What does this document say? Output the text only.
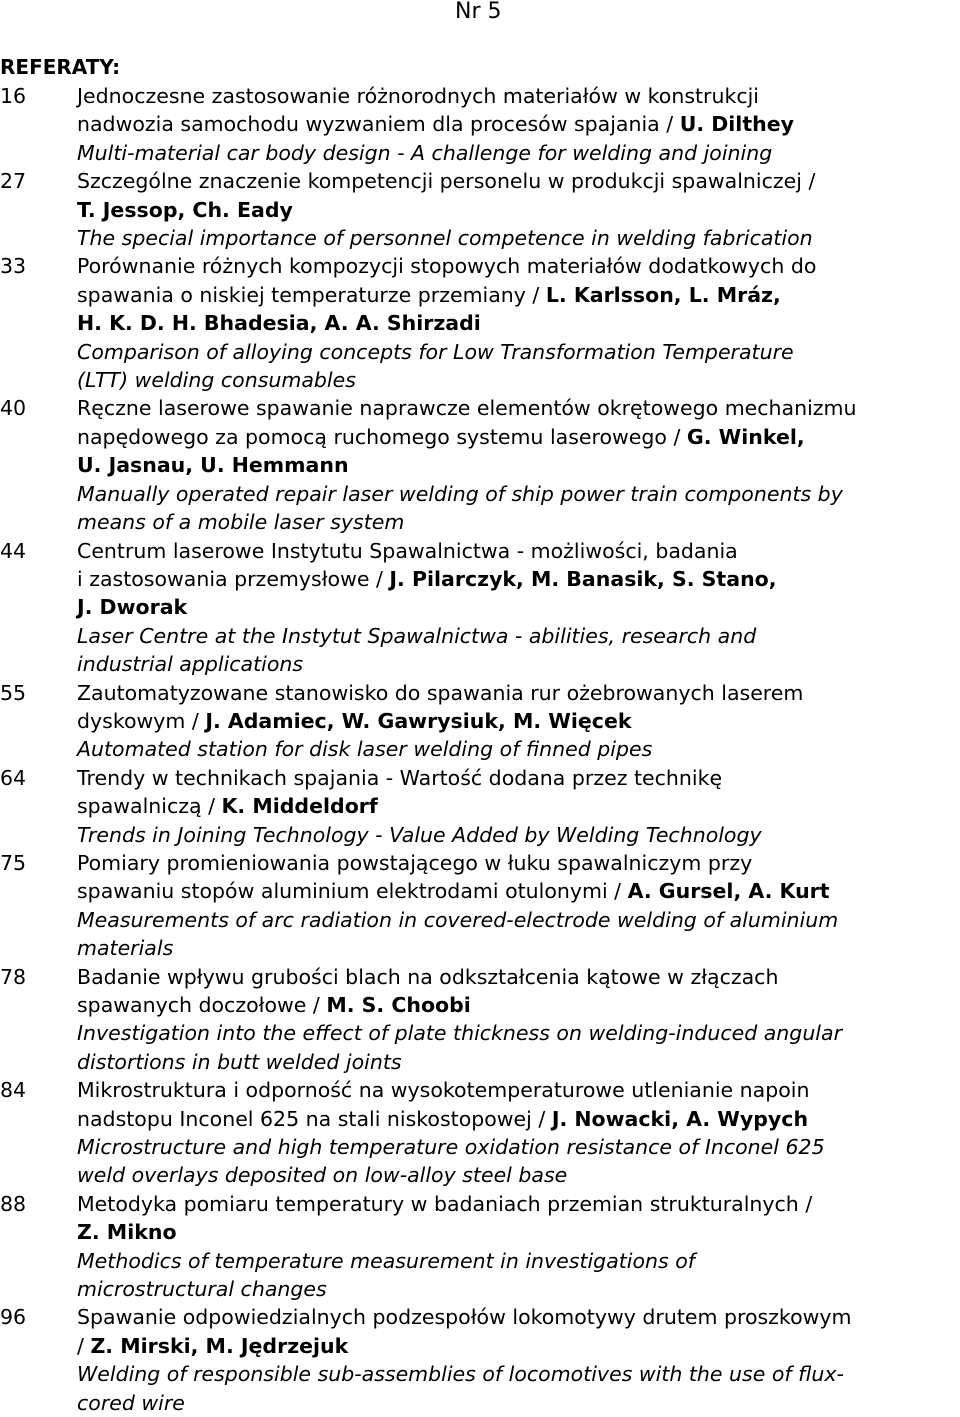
Nr 5
REFERATY:
16	Jednoczesne zastosowanie różnorodnych materiałów w konstrukcji
nadwozia samochodu wyzwaniem dla procesów spajania / U. Dilthey
Multi-material car body design - A challenge for welding and joining
27	Szczególne znaczenie kompetencji personelu w produkcji spawalniczej /
T. Jessop, Ch. Eady
The special importance of personnel competence in welding fabrication
33	Porównanie różnych kompozycji stopowych materiałów dodatkowych do
spawania o niskiej temperaturze przemiany / L. Karlsson, L. Mráz,
H. K. D. H. Bhadesia, A. A. Shirzadi
Comparison of alloying concepts for Low Transformation Temperature
(LTT) welding consumables
40	Ręczne laserowe spawanie naprawcze elementów okrętowego mechanizmu
napędowego za pomocą ruchomego systemu laserowego / G. Winkel,
U. Jasnau, U. Hemmann
Manually operated repair laser welding of ship power train components by
means of a mobile laser system
44	Centrum laserowe Instytutu Spawalnictwa - możliwości, badania
i zastosowania przemysłowe / J. Pilarczyk, M. Banasik, S. Stano,
J. Dworak
Laser Centre at the Instytut Spawalnictwa - abilities, research and
industrial applications
55	Zautomatyzowane stanowisko do spawania rur ożebrowanych laserem
dyskowym / J. Adamiec, W. Gawrysiuk, M. Więcek
Automated station for disk laser welding of finned pipes
64	Trendy w technikach spajania - Wartość dodana przez technikę
spawalniczą / K. Middeldorf
Trends in Joining Technology - Value Added by Welding Technology
75	Pomiary promieniowania powstającego w łuku spawalniczym przy
spawaniu stopów aluminium elektrodami otulonymi / A. Gursel, A. Kurt
Measurements of arc radiation in covered-electrode welding of aluminium
materials
78	Badanie wpływu grubości blach na odkształcenia kątowe w złączach
spawanych doczołowe / M. S. Choobi
Investigation into the effect of plate thickness on welding-induced angular
distortions in butt welded joints
84	Mikrostruktura i odporność na wysokotemperaturowe utlenianie napoin
nadstopu Inconel 625 na stali niskostopowej / J. Nowacki, A. Wypych
Microstructure and high temperature oxidation resistance of Inconel 625
weld overlays deposited on low-alloy steel base
88	Metodyka pomiaru temperatury w badaniach przemian strukturalnych /
Z. Mikno
Methodics of temperature measurement in investigations of
microstructural changes
96	Spawanie odpowiedzialnych podzespołów lokomotywy drutem proszkowym
/ Z. Mirski, M. Jędrzejuk
Welding of responsible sub-assemblies of locomotives with the use of flux-
cored wire
